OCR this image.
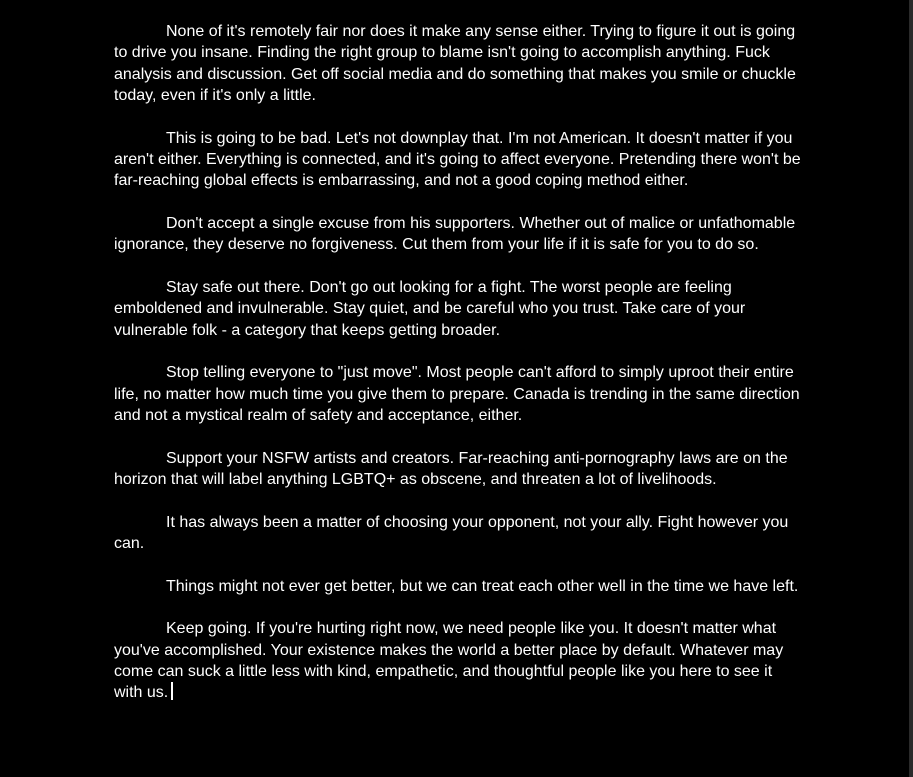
None of it's remotely fair nor does it make any sense either. Trying to figure it out is going to drive you insane. Finding the right group to blame isn't going to accomplish anything. Fuck analysis and discussion. Get off social media and do something that makes you smile or chuckle today, even if it's only a little.

This is going to be bad. Let's not downplay that. I'm not American. It doesn't matter if you aren't either. Everything is connected, and it's going to affect everyone. Pretending there won't be far-reaching global effects is embarrassing, and not a good coping method either.

Don't accept a single excuse from his supporters. Whether out of malice or unfathomable ignorance, they deserve no forgiveness. Cut them from your life if it is safe for you to do so.

Stay safe out there. Don't go out looking for a fight. The worst people are feeling emboldened and invulnerable. Stay quiet, and be careful who you trust. Take care of your vulnerable folk - a category that keeps getting broader.

Stop telling everyone to "just move". Most people can't afford to simply uproot their entire life, no matter how much time you give them to prepare. Canada is trending in the same direction and not a mystical realm of safety and acceptance, either.

Support your NSFW artists and creators. Far-reaching anti-pornography laws are on the horizon that will label anything LGBTQ+ as obscene, and threaten a lot of livelihoods.

It has always been a matter of choosing your opponent, not your ally. Fight however you can.

Things might not ever get better, but we can treat each other well in the time we have left.

Keep going. If you're hurting right now, we need people like you. It doesn't matter what you've accomplished. Your existence makes the world a better place by default. Whatever may come can suck a little less with kind, empathetic, and thoughtful people like you here to see it with us.
